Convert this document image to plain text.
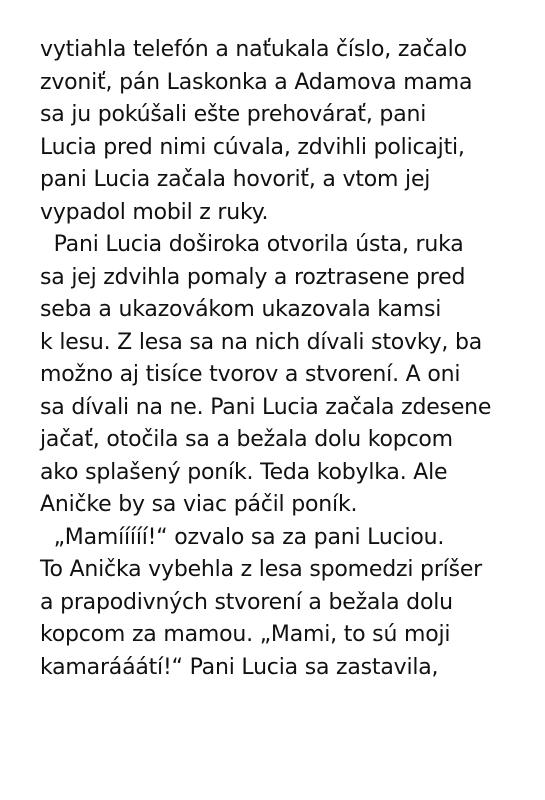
vytiahla telefón a naťukala číslo, začalo
zvoniť, pán Laskonka a Adamova mama
sa ju pokúšali ešte prehovárať, pani
Lucia pred nimi cúvala, zdvihli policajti,
pani Lucia začala hovoriť, a vtom jej
vypadol mobil z ruky.
Pani Lucia doširoka otvorila ústa, ruka
sa jej zdvihla pomaly a roztrasene pred
seba a ukazovákom ukazovala kamsi
k lesu. Z lesa sa na nich dívali stovky, ba
možno aj tisíce tvorov a stvorení. A oni
sa dívali na ne. Pani Lucia začala zdesene
jačať, otočila sa a bežala dolu kopcom
ako splašený poník. Teda kobylka. Ale
Aničke by sa viac páčil poník.
„Mamííííí!“ ozvalo sa za pani Luciou.
To Anička vybehla z lesa spomedzi príšer
a prapodivných stvorení a bežala dolu
kopcom za mamou. „Mami, to sú moji
kamarááátí!“ Pani Lucia sa zastavila,
